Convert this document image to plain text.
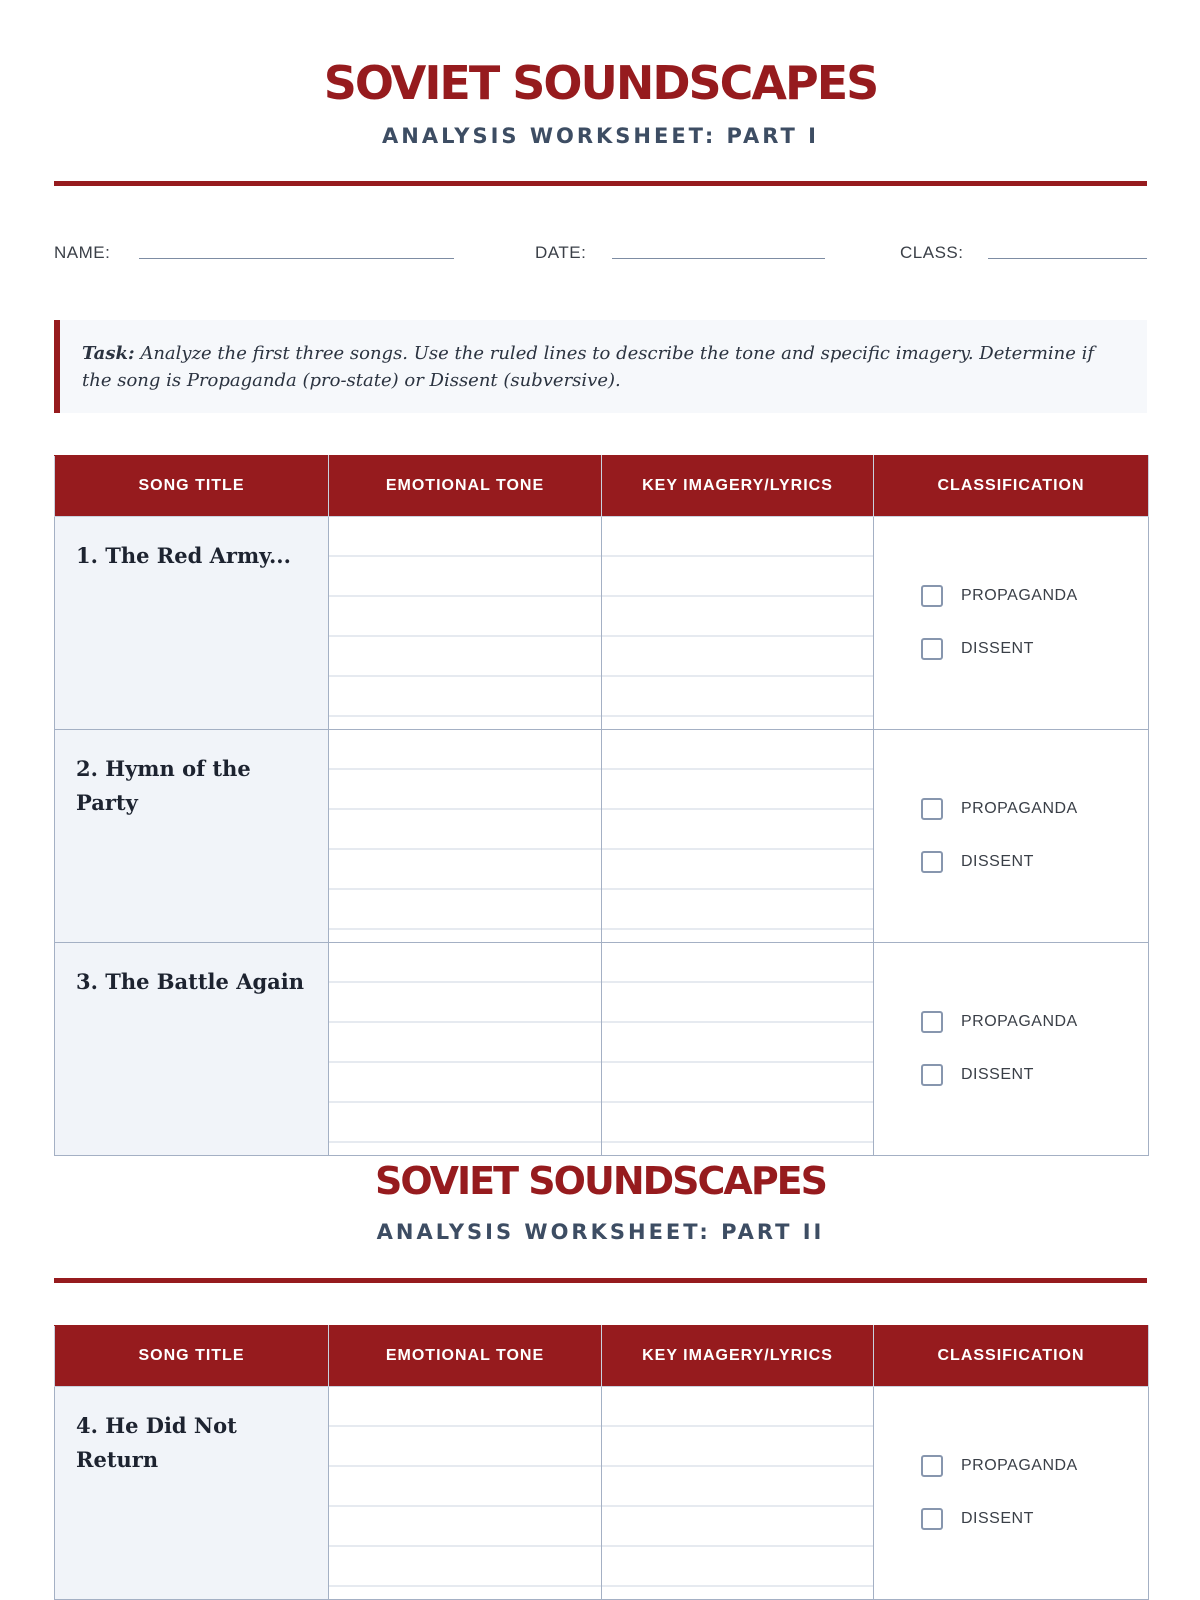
SOVIET SOUNDSCAPES
ANALYSIS WORKSHEET: PART I
NAME:	DATE:	CLASS:
Task: Analyze the first three songs. Use the ruled lines to describe the tone and specific imagery. Determine if the song is Propaganda (pro-state) or Dissent (subversive).
SONG TITLE	EMOTIONAL TONE	KEY IMAGERY/LYRICS	CLASSIFICATION

1. The Red Army...			PROPAGANDA
DISSENT

2. Hymn of the Party			PROPAGANDA
DISSENT

3. The Battle Again			PROPAGANDA
DISSENT
SOVIET SOUNDSCAPES
ANALYSIS WORKSHEET: PART II
SONG TITLE	EMOTIONAL TONE	KEY IMAGERY/LYRICS	CLASSIFICATION

4. He Did Not Return			PROPAGANDA
DISSENT
